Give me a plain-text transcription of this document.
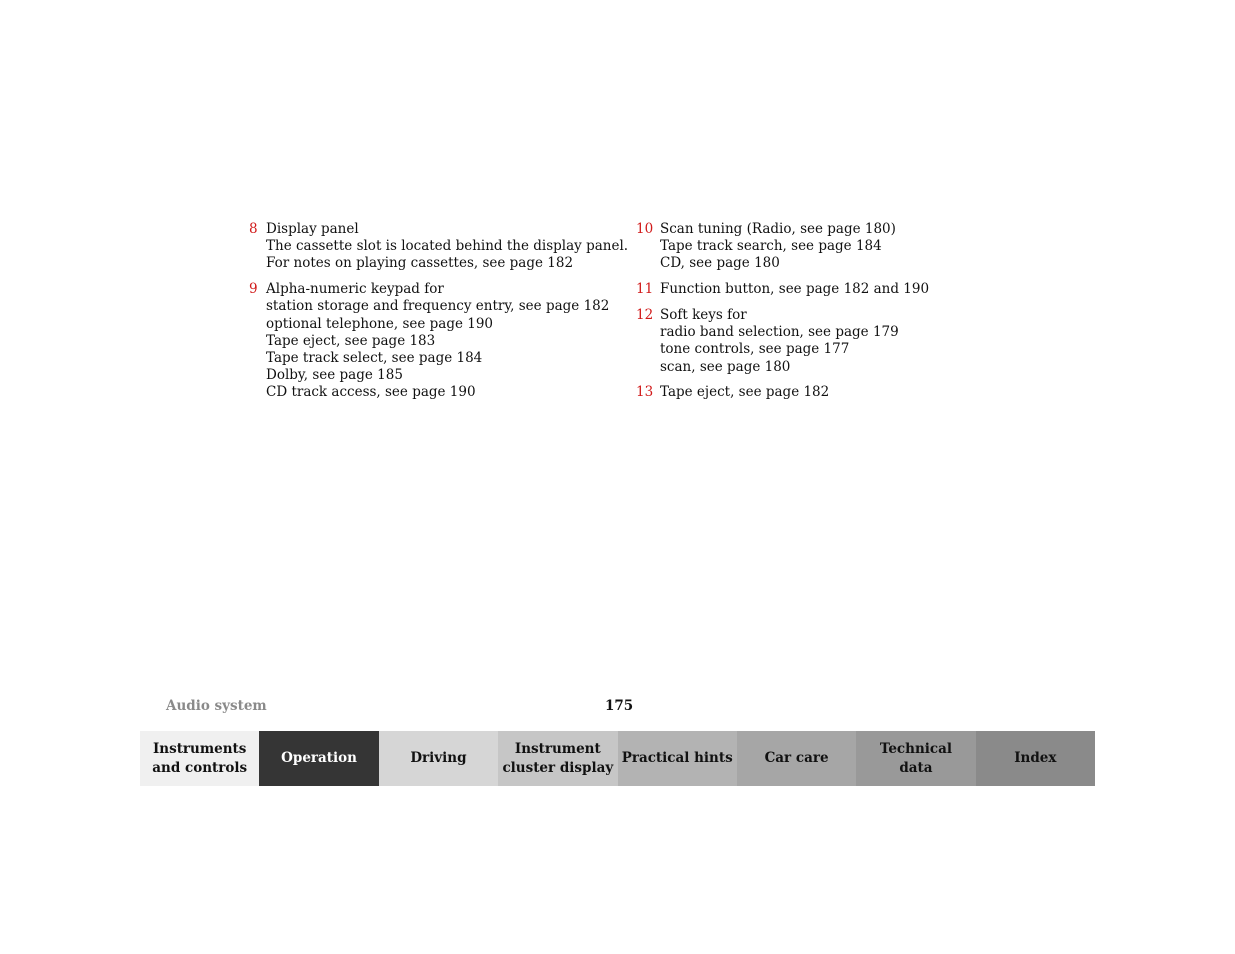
8 Display panel
The cassette slot is located behind the display panel.
For notes on playing cassettes, see page 182
9 Alpha-numeric keypad for
station storage and frequency entry, see page 182
optional telephone, see page 190
Tape eject, see page 183
Tape track select, see page 184
Dolby, see page 185
CD track access, see page 190
10 Scan tuning (Radio, see page 180)
Tape track search, see page 184
CD, see page 180
11 Function button, see page 182 and 190
12 Soft keys for
radio band selection, see page 179
tone controls, see page 177
scan, see page 180
13 Tape eject, see page 182
Audio system	175
Instruments
and controls
Operation	Driving
Instrument
cluster display
Practical hints Car care
Technical
data
Index
